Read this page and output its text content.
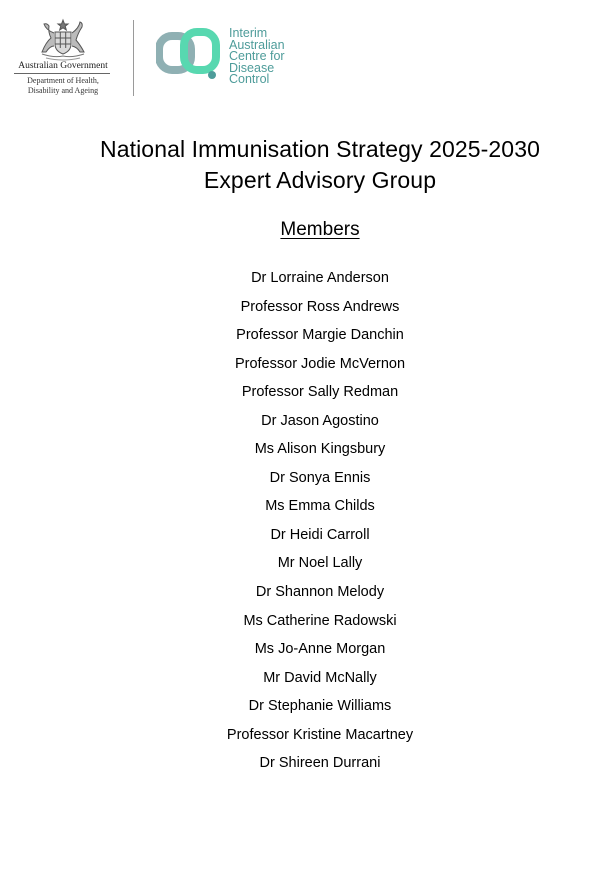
Australian Government
Department of Health,
Disability and Ageing
Interim
Australian
Centre for
Disease
Control
National Immunisation Strategy 2025-2030
Expert Advisory Group
Members
Dr Lorraine Anderson
Professor Ross Andrews
Professor Margie Danchin
Professor Jodie McVernon
Professor Sally Redman
Dr Jason Agostino
Ms Alison Kingsbury
Dr Sonya Ennis
Ms Emma Childs
Dr Heidi Carroll
Mr Noel Lally
Dr Shannon Melody
Ms Catherine Radowski
Ms Jo-Anne Morgan
Mr David McNally
Dr Stephanie Williams
Professor Kristine Macartney
Dr Shireen Durrani
